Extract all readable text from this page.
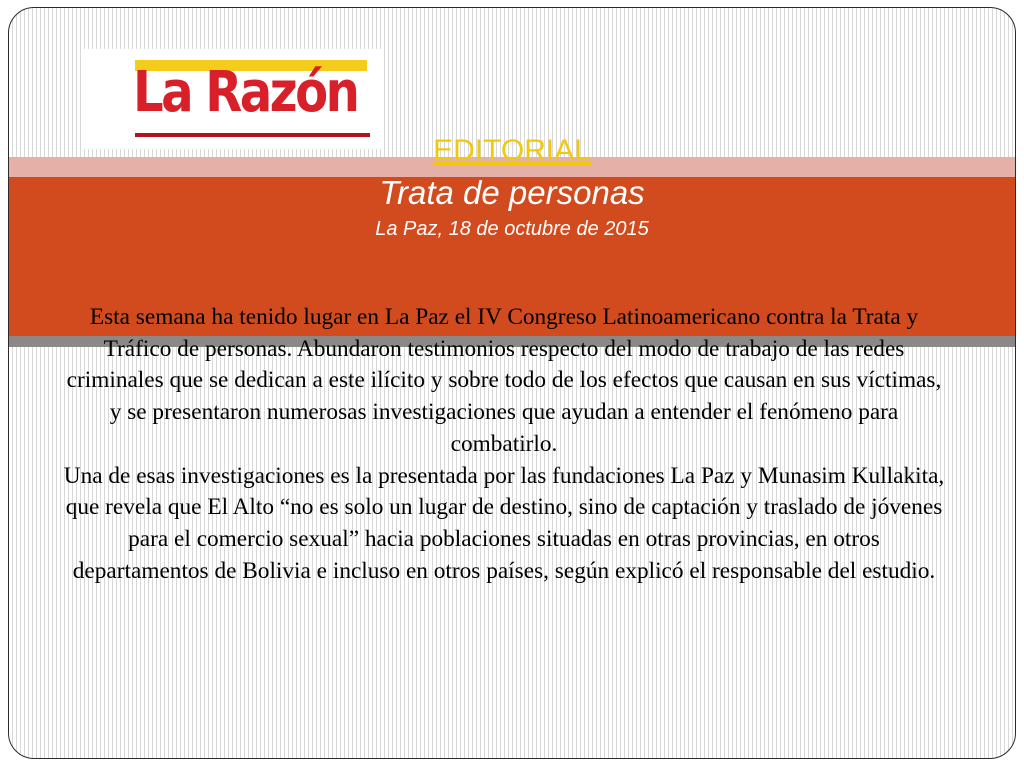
La Razón
EDITORIAL
Trata de personas
La Paz, 18 de octubre de 2015

Esta semana ha tenido lugar en La Paz el IV Congreso Latinoamericano contra la Trata y Tráfico de personas. Abundaron testimonios respecto del modo de trabajo de las redes criminales que se dedican a este ilícito y sobre todo de los efectos que causan en sus víctimas, y se presentaron numerosas investigaciones que ayudan a entender el fenómeno para combatirlo.

Una de esas investigaciones es la presentada por las fundaciones La Paz y Munasim Kullakita, que revela que El Alto “no es solo un lugar de destino, sino de captación y traslado de jóvenes para el comercio sexual” hacia poblaciones situadas en otras provincias, en otros departamentos de Bolivia e incluso en otros países, según explicó el responsable del estudio.
